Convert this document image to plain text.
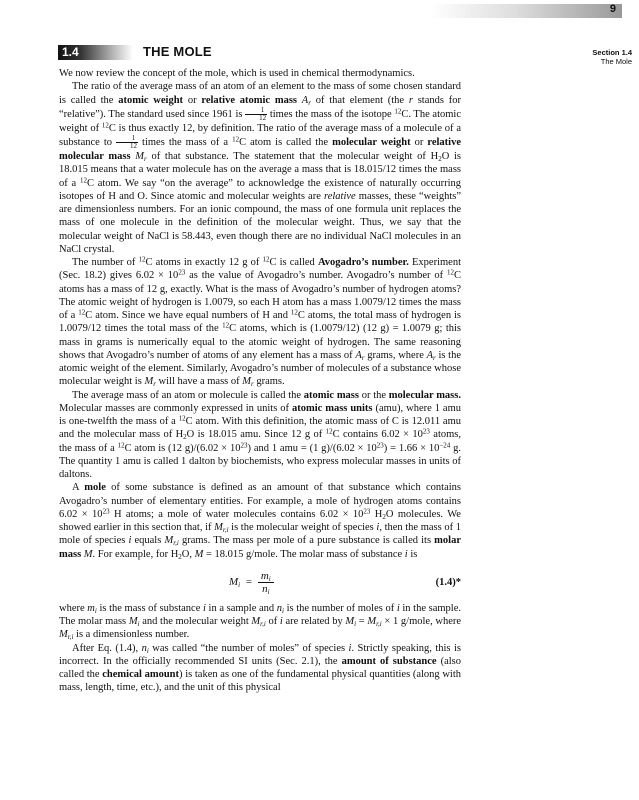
9
1.4	THE MOLE	Section 1.4
The Mole

We now review the concept of the mole, which is used in chemical thermodynamics.

The ratio of the average mass of an atom of an element to the mass of some chosen standard is called the atomic weight or relative atomic mass $A_r$ of that element (the r stands for “relative”). The standard used since 1961 is $\frac{1}{12}$ times the mass of the isotope $^{12}$C. The atomic weight of $^{12}$C is thus exactly 12, by definition. The ratio of the average mass of a molecule of a substance to $\frac{1}{12}$ times the mass of a $^{12}$C atom is called the molecular weight or relative molecular mass $M_r$ of that substance. The statement that the molecular weight of $H_2O$ is 18.015 means that a water molecule has on the average a mass that is 18.015/12 times the mass of a $^{12}$C atom. We say “on the average” to acknowledge the existence of naturally occurring isotopes of H and O. Since atomic and molecular weights are relative masses, these “weights” are dimensionless numbers. For an ionic compound, the mass of one formula unit replaces the mass of one molecule in the definition of the molecular weight. Thus, we say that the molecular weight of NaCl is 58.443, even though there are no individual NaCl molecules in an NaCl crystal.

The number of $^{12}$C atoms in exactly 12 g of $^{12}$C is called Avogadro’s number. Experiment (Sec. 18.2) gives $6.02 \times 10^{23}$ as the value of Avogadro’s number. Avogadro’s number of $^{12}$C atoms has a mass of 12 g, exactly. What is the mass of Avogadro’s number of hydrogen atoms? The atomic weight of hydrogen is 1.0079, so each H atom has a mass 1.0079/12 times the mass of a $^{12}$C atom. Since we have equal numbers of H and $^{12}$C atoms, the total mass of hydrogen is 1.0079/12 times the total mass of the $^{12}$C atoms, which is (1.0079/12) (12 g) = 1.0079 g; this mass in grams is numerically equal to the atomic weight of hydrogen. The same reasoning shows that Avogadro’s number of atoms of any element has a mass of $A_r$ grams, where $A_r$ is the atomic weight of the element. Similarly, Avogadro’s number of molecules of a substance whose molecular weight is $M_r$ will have a mass of $M_r$ grams.

The average mass of an atom or molecule is called the atomic mass or the molecular mass. Molecular masses are commonly expressed in units of atomic mass units (amu), where 1 amu is one-twelfth the mass of a $^{12}$C atom. With this definition, the atomic mass of C is 12.011 amu and the molecular mass of $H_2O$ is 18.015 amu. Since 12 g of $^{12}$C contains $6.02 \times 10^{23}$ atoms, the mass of a $^{12}$C atom is (12 $g)/(6.02 \times 10^{23})$ and 1 amu = (1 $g)/(6.02 \times 10^{23}) = 1.66 \times 10^{-24}$ g. The quantity 1 amu is called 1 dalton by biochemists, who express molecular masses in units of daltons.

A mole of some substance is defined as an amount of that substance which contains Avogadro’s number of elementary entities. For example, a mole of hydrogen atoms contains $6.02 \times 10^{23}$ H atoms; a mole of water molecules contains $6.02 \times 10^{23}$ $H_2O$ molecules. We showed earlier in this section that, if $M_{r,i}$ is the molecular weight of species i, then the mass of 1 mole of species i equals $M_{r,i}$ grams. The mass per mole of a pure substance is called its molar mass M. For example, for $H_2O$, M = 18.015 g/mole. The molar mass of substance i is

$M_i = \frac{m_i}{n_i}$	(1.4)*

where $m_i$ is the mass of substance i in a sample and $n_i$ is the number of moles of i in the sample. The molar mass $M_i$ and the molecular weight $M_{r,i}$ of i are related by $M_i = M_{r,i} \times 1$ g/mole, where $M_{r,i}$ is a dimensionless number.

After Eq. (1.4), $n_i$ was called “the number of moles” of species i. Strictly speaking, this is incorrect. In the officially recommended SI units (Sec. 2.1), the amount of substance (also called the chemical amount) is taken as one of the fundamental physical quantities (along with mass, length, time, etc.), and the unit of this physical
